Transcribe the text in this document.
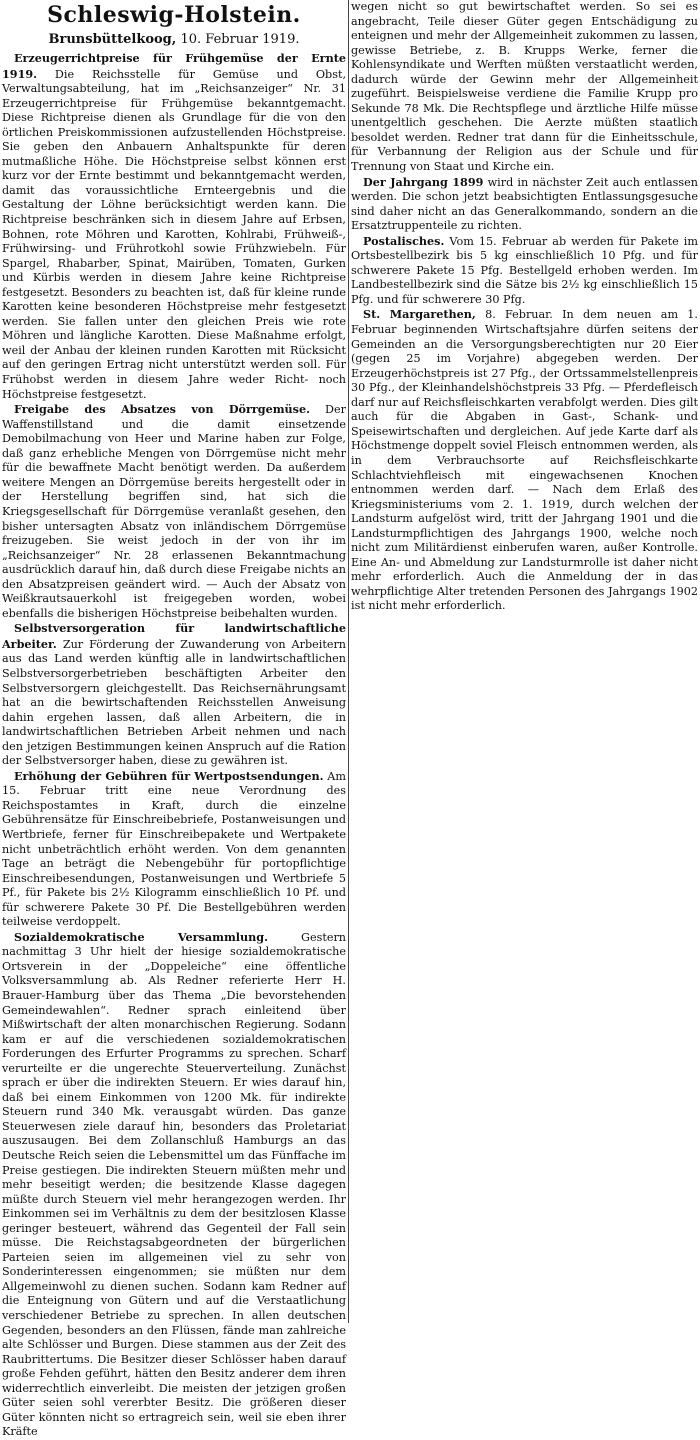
Schleswig-Holstein.
Brunsbüttelkoog, 10. Februar 1919.

Erzeugerrichtpreise für Frühgemüse der Ernte 1919. Die Reichsstelle für Gemüse und Obst, Verwaltungsabteilung, hat im „Reichsanzeiger“ Nr. 31 Erzeugerrichtpreise für Frühgemüse bekanntgemacht. Diese Richtpreise dienen als Grundlage für die von den örtlichen Preiskommissionen aufzustellenden Höchstpreise. Sie geben den Anbauern Anhaltspunkte für deren mutmaßliche Höhe. Die Höchstpreise selbst können erst kurz vor der Ernte bestimmt und bekanntgemacht werden, damit das voraussichtliche Ernteergebnis und die Gestaltung der Löhne berücksichtigt werden kann. Die Richtpreise beschränken sich in diesem Jahre auf Erbsen, Bohnen, rote Möhren und Karotten, Kohlrabi, Frühweiß-, Frühwirsing- und Frührotkohl sowie Frühzwiebeln. Für Spargel, Rhabarber, Spinat, Mairüben, Tomaten, Gurken und Kürbis werden in diesem Jahre keine Richtpreise festgesetzt. Besonders zu beachten ist, daß für kleine runde Karotten keine besonderen Höchstpreise mehr festgesetzt werden. Sie fallen unter den gleichen Preis wie rote Möhren und längliche Karotten. Diese Maßnahme erfolgt, weil der Anbau der kleinen runden Karotten mit Rücksicht auf den geringen Ertrag nicht unterstützt werden soll. Für Frühobst werden in diesem Jahre weder Richt- noch Höchstpreise festgesetzt.

Freigabe des Absatzes von Dörrgemüse. Der Waffenstillstand und die damit einsetzende Demobilmachung von Heer und Marine haben zur Folge, daß ganz erhebliche Mengen von Dörrgemüse nicht mehr für die bewaffnete Macht benötigt werden. Da außerdem weitere Mengen an Dörrgemüse bereits hergestellt oder in der Herstellung begriffen sind, hat sich die Kriegsgesellschaft für Dörrgemüse veranlaßt gesehen, den bisher untersagten Absatz von inländischem Dörrgemüse freizugeben. Sie weist jedoch in der von ihr im „Reichsanzeiger“ Nr. 28 erlassenen Bekanntmachung ausdrücklich darauf hin, daß durch diese Freigabe nichts an den Absatzpreisen geändert wird. — Auch der Absatz von Weißkrautsauerkohl ist freigegeben worden, wobei ebenfalls die bisherigen Höchstpreise beibehalten wurden.

Selbstversorgeration für landwirtschaftliche Arbeiter. Zur Förderung der Zuwanderung von Arbeitern aus das Land werden künftig alle in landwirtschaftlichen Selbstversorgerbetrieben beschäftigten Arbeiter den Selbstversorgern gleichgestellt. Das Reichsernährungsamt hat an die bewirtschaftenden Reichsstellen Anweisung dahin ergehen lassen, daß allen Arbeitern, die in landwirtschaftlichen Betrieben Arbeit nehmen und nach den jetzigen Bestimmungen keinen Anspruch auf die Ration der Selbstversorger haben, diese zu gewähren ist.

Erhöhung der Gebühren für Wertpostsendungen. Am 15. Februar tritt eine neue Verordnung des Reichspostamtes in Kraft, durch die einzelne Gebührensätze für Einschreibebriefe, Postanweisungen und Wertbriefe, ferner für Einschreibepakete und Wertpakete nicht unbeträchtlich erhöht werden. Von dem genannten Tage an beträgt die Nebengebühr für portopflichtige Einschreibesendungen, Postanweisungen und Wertbriefe 5 Pf., für Pakete bis 2½ Kilogramm einschließlich 10 Pf. und für schwerere Pakete 30 Pf. Die Bestellgebühren werden teilweise verdoppelt.

Sozialdemokratische Versammlung.	Gestern nachmittag 3 Uhr hielt der hiesige sozialdemokratische Ortsverein in der „Doppeleiche“ eine öffentliche Volksversammlung ab. Als Redner referierte Herr H. Brauer-Hamburg über das Thema „Die bevorstehenden Gemeindewahlen“. Redner sprach einleitend über Mißwirtschaft der alten monarchischen Regierung. Sodann kam er auf die verschiedenen sozialdemokratischen Forderungen des Erfurter Programms zu sprechen. Scharf verurteilte er die ungerechte Steuerverteilung. Zunächst sprach er über die indirekten Steuern. Er wies darauf hin, daß bei einem Einkommen von 1200 Mk. für indirekte Steuern rund 340 Mk. verausgabt würden. Das ganze Steuerwesen ziele darauf hin, besonders das Proletariat auszusaugen. Bei dem Zollanschluß Hamburgs an das Deutsche Reich seien die Lebensmittel um das Fünffache im Preise gestiegen. Die indirekten Steuern müßten mehr und mehr beseitigt werden; die besitzende Klasse dagegen müßte durch Steuern viel mehr herangezogen werden. Ihr Einkommen sei im Verhältnis zu dem der besitzlosen Klasse geringer besteuert, während das Gegenteil der Fall sein müsse. Die Reichstagsabgeordneten der bürgerlichen Parteien seien im allgemeinen viel zu sehr von Sonderinteressen eingenommen; sie müßten nur dem Allgemeinwohl zu dienen suchen. Sodann kam Redner auf die Enteignung von Gütern und auf die Verstaatlichung verschiedener Betriebe zu sprechen. In allen deutschen Gegenden, besonders an den Flüssen, fände man zahlreiche alte Schlösser und Burgen. Diese stammen aus der Zeit des Raubrittertums. Die Besitzer dieser Schlösser haben darauf große Fehden geführt, hätten den Besitz anderer dem ihren widerrechtlich einverleibt. Die meisten der jetzigen großen Güter seien sohl vererbter Besitz. Die größeren dieser Güter könnten nicht so ertragreich sein, weil sie eben ihrer Kräfte

wegen nicht so gut bewirtschaftet werden. So sei es angebracht, Teile dieser Güter gegen Entschädigung zu enteignen und mehr der Allgemeinheit zukommen zu lassen, gewisse Betriebe, z. B. Krupps Werke, ferner die Kohlensyndikate und Werften müßten verstaatlicht werden, dadurch würde der Gewinn mehr der Allgemeinheit zugeführt. Beispielsweise verdiene die Familie Krupp pro Sekunde 78 Mk. Die Rechtspflege und ärztliche Hilfe müsse unentgeltlich geschehen. Die Aerzte müßten staatlich besoldet werden. Redner trat dann für die Einheitsschule, für Verbannung der Religion aus der Schule und für Trennung von Staat und Kirche ein.

Der Jahrgang 1899 wird in nächster Zeit auch entlassen werden. Die schon jetzt beabsichtigten Entlassungsgesuche sind daher nicht an das Generalkommando, sondern an die Ersatztruppenteile zu richten.

Postalisches. Vom 15. Februar ab werden für Pakete im Ortsbestellbezirk bis 5 kg einschließlich 10 Pfg. und für schwerere Pakete 15 Pfg. Bestellgeld erhoben werden. Im Landbestellbezirk sind die Sätze bis 2½ kg einschließlich 15 Pfg. und für schwerere 30 Pfg.

St. Margarethen, 8. Februar. In dem neuen am 1. Februar beginnenden Wirtschaftsjahre dürfen seitens der Gemeinden an die Versorgungsberechtigten nur 20 Eier (gegen 25 im Vorjahre) abgegeben werden. Der Erzeugerhöchstpreis ist 27 Pfg., der Ortssammelstellenpreis 30 Pfg., der Kleinhandelshöchstpreis 33 Pfg. — Pferdefleisch darf nur auf Reichsfleischkarten verabfolgt werden. Dies gilt auch für die Abgaben in Gast-, Schank- und Speisewirtschaften und dergleichen. Auf jede Karte darf als Höchstmenge doppelt soviel Fleisch entnommen werden, als in dem Verbrauchsorte auf Reichsfleischkarte Schlachtviehfleisch mit eingewachsenen Knochen entnommen werden darf. — Nach dem Erlaß des Kriegsministeriums vom 2. 1. 1919, durch welchen der Landsturm aufgelöst wird, tritt der Jahrgang 1901 und die Landsturmpflichtigen des Jahrgangs 1900, welche noch nicht zum Militärdienst einberufen waren, außer Kontrolle. Eine An- und Abmeldung zur Landsturmrolle ist daher nicht mehr erforderlich. Auch die Anmeldung der in das wehrpflichtige Alter tretenden Personen des Jahrgangs 1902 ist nicht mehr erforderlich.
